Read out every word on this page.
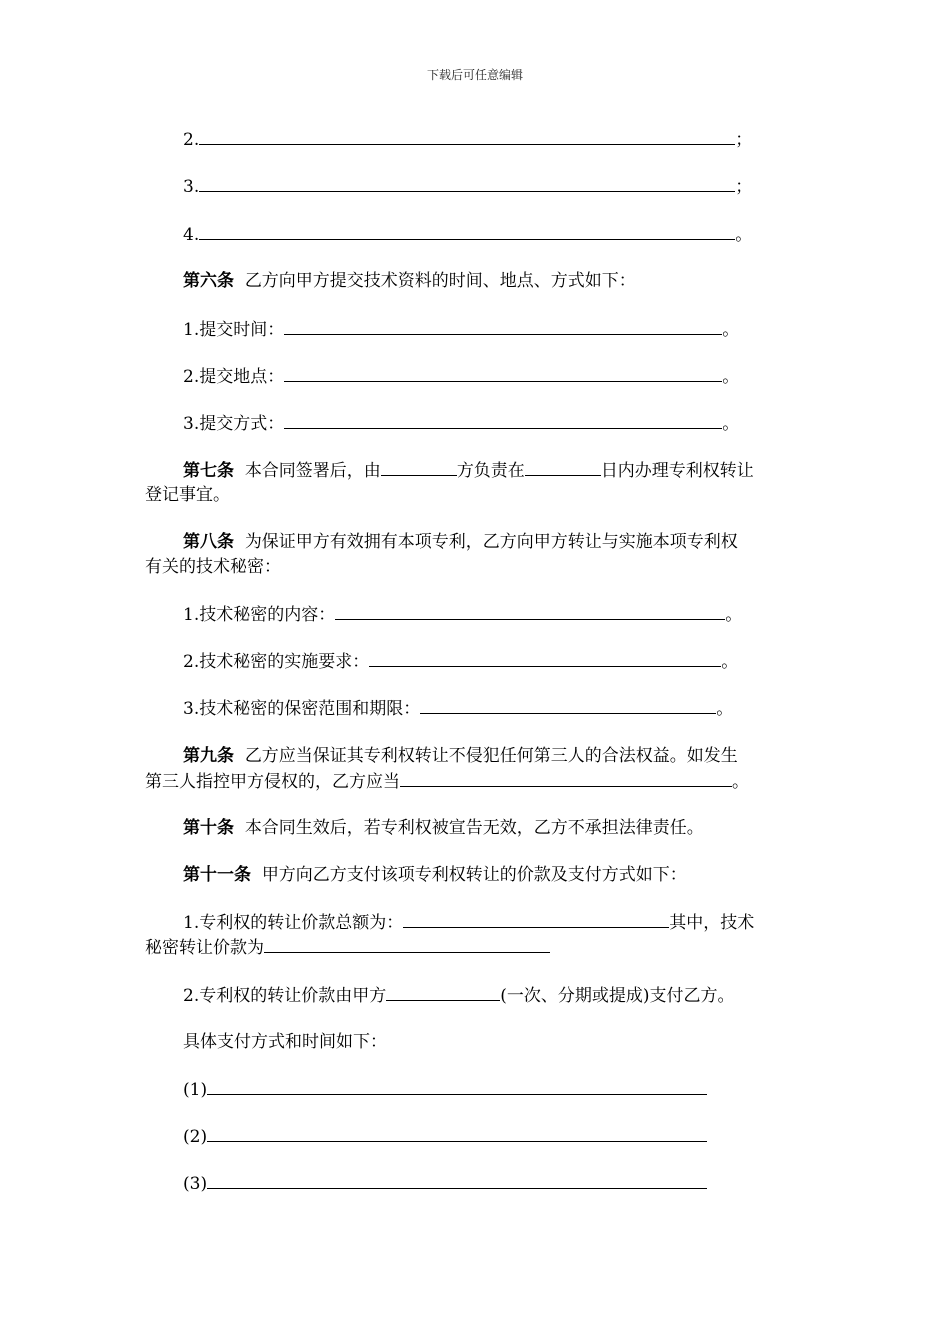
下载后可任意编辑
2.	；
3.	；
4.	。
第六条 乙方向甲方提交技术资料的时间、地点、方式如下：
1.提交时间：	。
2.提交地点：	。
3.提交方式：	。
第七条 本合同签署后，由	方负责在	日内办理专利权转让
登记事宜。
第八条 为保证甲方有效拥有本项专利，乙方向甲方转让与实施本项专利权
有关的技术秘密：
1.技术秘密的内容：	。
2.技术秘密的实施要求：	。
3.技术秘密的保密范围和期限：	。
第九条 乙方应当保证其专利权转让不侵犯任何第三人的合法权益。如发生
第三人指控甲方侵权的，乙方应当	。
第十条 本合同生效后，若专利权被宣告无效，乙方不承担法律责任。
第十一条 甲方向乙方支付该项专利权转让的价款及支付方式如下：
1.专利权的转让价款总额为：	其中，技术
秘密转让价款为
2.专利权的转让价款由甲方	(一次、分期或提成)支付乙方。
具体支付方式和时间如下：
(1)
(2)
(3)
